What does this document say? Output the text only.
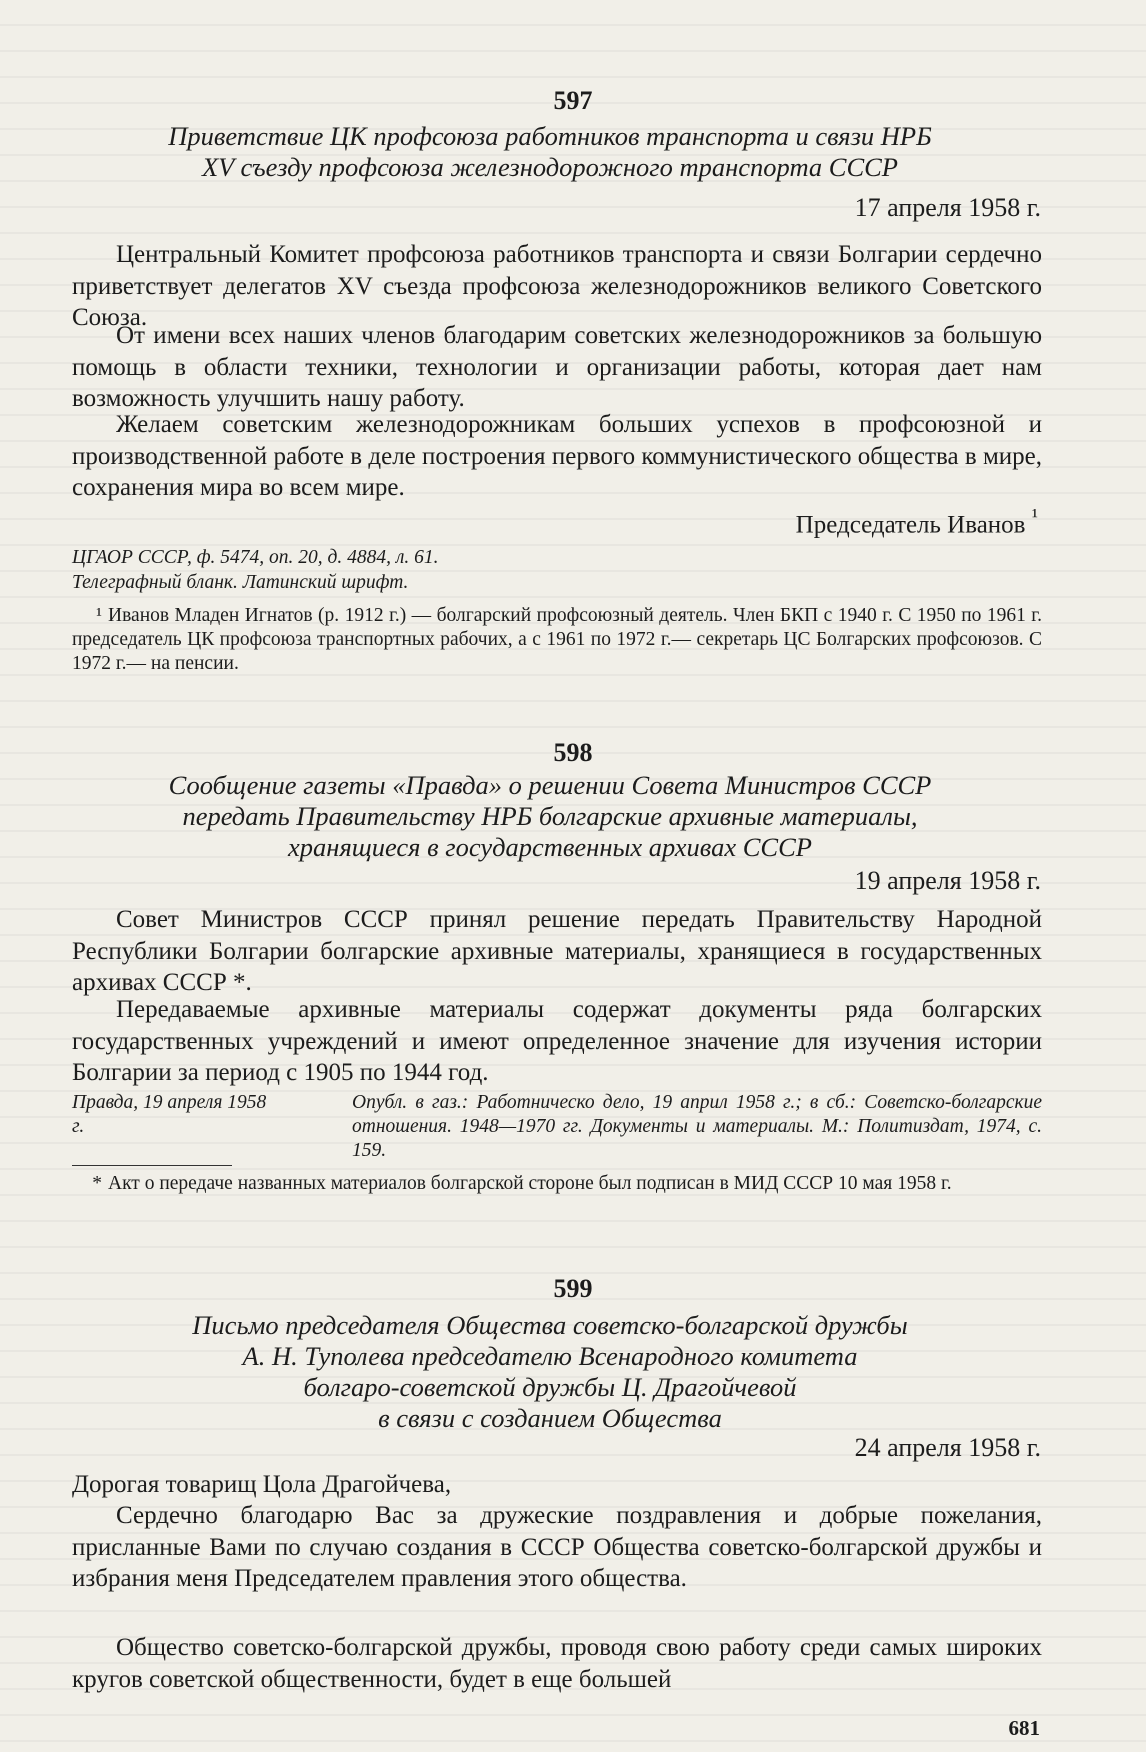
597
Приветствие ЦК профсоюза работников транспорта и связи НРБ
XV съезду профсоюза железнодорожного транспорта СССР
17 апреля 1958 г.

Центральный Комитет профсоюза работников транспорта и связи Болгарии сердечно приветствует делегатов XV съезда профсоюза железнодорожников великого Советского Союза.

От имени всех наших членов благодарим советских железнодорожников за большую помощь в области техники, технологии и организации работы, которая дает нам возможность улучшить нашу работу.

Желаем советским железнодорожникам больших успехов в профсоюзной и производственной работе в деле построения первого коммунистического общества в мире, сохранения мира во всем мире.

Председатель Иванов $^{^1}$
ЦГАОР СССР, ф. 5474, оп. 20, д. 4884, л. 61.
Телеграфный бланк. Латинский шрифт.
¹ Иванов Младен Игнатов (р. 1912 г.) — болгарский профсоюзный деятель. Член БКП с 1940 г. С 1950 по 1961 г. председатель ЦК профсоюза транспортных рабочих, а с 1961 по 1972 г.— секретарь ЦС Болгарских профсоюзов. С 1972 г.— на пенсии.
598
Сообщение газеты «Правда» о решении Совета Министров СССР
передать Правительству НРБ болгарские архивные материалы,
хранящиеся в государственных архивах СССР
19 апреля 1958 г.

Совет Министров СССР принял решение передать Правительству Народной Республики Болгарии болгарские архивные материалы, хранящиеся в государственных архивах СССР *.

Передаваемые архивные материалы содержат документы ряда болгарских государственных учреждений и имеют определенное значение для изучения истории Болгарии за период с 1905 по 1944 год.

Правда, 19 апреля 1958 г.
Опубл. в газ.: Работническо дело, 19 април 1958 г.; в сб.: Советско-болгарские отношения. 1948—1970 гг. Документы и материалы. М.: Политиздат, 1974, с. 159.
* Акт о передаче названных материалов болгарской стороне был подписан в МИД СССР 10 мая 1958 г.
599
Письмо председателя Общества советско-болгарской дружбы
А. Н. Туполева председателю Всенародного комитета
болгаро-советской дружбы Ц. Драгойчевой
в связи с созданием Общества
24 апреля 1958 г.
Дорогая товарищ Цола Драгойчева,

Сердечно благодарю Вас за дружеские поздравления и добрые пожелания, присланные Вами по случаю создания в СССР Общества советско-болгарской дружбы и избрания меня Председателем правления этого общества.

Общество советско-болгарской дружбы, проводя свою работу среди самых широких кругов советской общественности, будет в еще большей

681
